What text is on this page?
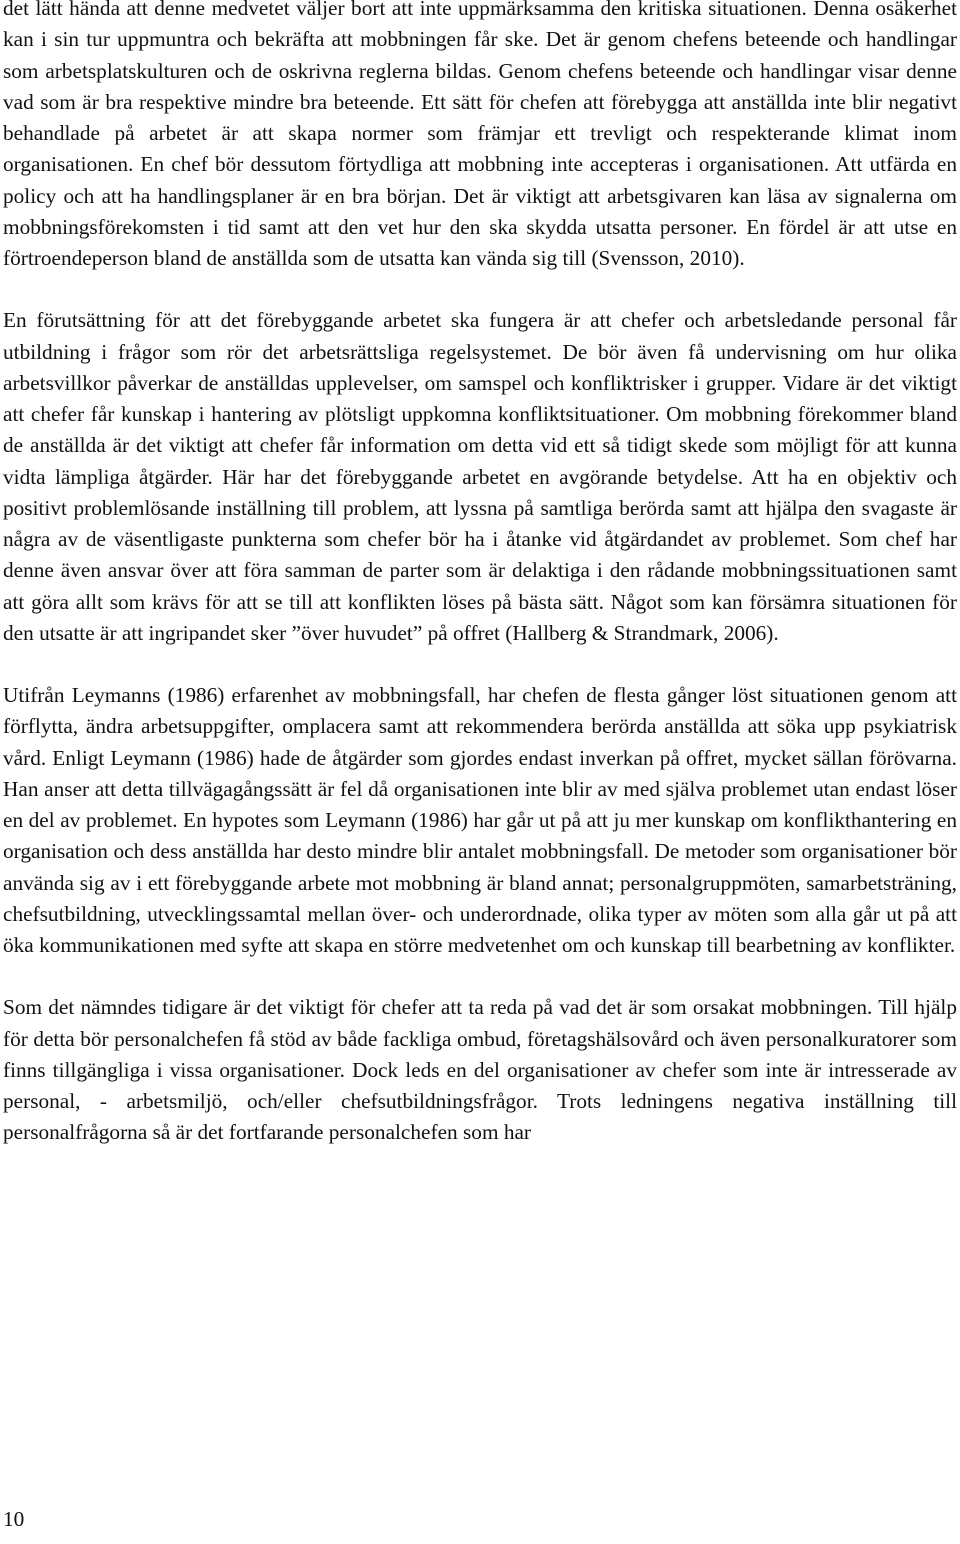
det lätt hända att denne medvetet väljer bort att inte uppmärksamma den kritiska situationen. Denna osäkerhet kan i sin tur uppmuntra och bekräfta att mobbningen får ske. Det är genom chefens beteende och handlingar som arbetsplatskulturen och de oskrivna reglerna bildas. Genom chefens beteende och handlingar visar denne vad som är bra respektive mindre bra beteende. Ett sätt för chefen att förebygga att anställda inte blir negativt behandlade på arbetet är att skapa normer som främjar ett trevligt och respekterande klimat inom organisationen. En chef bör dessutom förtydliga att mobbning inte accepteras i organisationen. Att utfärda en policy och att ha handlingsplaner är en bra början. Det är viktigt att arbetsgivaren kan läsa av signalerna om mobbningsförekomsten i tid samt att den vet hur den ska skydda utsatta personer. En fördel är att utse en förtroendeperson bland de anställda som de utsatta kan vända sig till (Svensson, 2010).

En förutsättning för att det förebyggande arbetet ska fungera är att chefer och arbetsledande personal får utbildning i frågor som rör det arbetsrättsliga regelsystemet. De bör även få undervisning om hur olika arbetsvillkor påverkar de anställdas upplevelser, om samspel och konfliktrisker i grupper. Vidare är det viktigt att chefer får kunskap i hantering av plötsligt uppkomna konfliktsituationer. Om mobbning förekommer bland de anställda är det viktigt att chefer får information om detta vid ett så tidigt skede som möjligt för att kunna vidta lämpliga åtgärder. Här har det förebyggande arbetet en avgörande betydelse. Att ha en objektiv och positivt problemlösande inställning till problem, att lyssna på samtliga berörda samt att hjälpa den svagaste är några av de väsentligaste punkterna som chefer bör ha i åtanke vid åtgärdandet av problemet. Som chef har denne även ansvar över att föra samman de parter som är delaktiga i den rådande mobbningssituationen samt att göra allt som krävs för att se till att konflikten löses på bästa sätt. Något som kan försämra situationen för den utsatte är att ingripandet sker ”över huvudet” på offret (Hallberg & Strandmark, 2006).

Utifrån Leymanns (1986) erfarenhet av mobbningsfall, har chefen de flesta gånger löst situationen genom att förflytta, ändra arbetsuppgifter, omplacera samt att rekommendera berörda anställda att söka upp psykiatrisk vård. Enligt Leymann (1986) hade de åtgärder som gjordes endast inverkan på offret, mycket sällan förövarna. Han anser att detta tillvägagångssätt är fel då organisationen inte blir av med själva problemet utan endast löser en del av problemet. En hypotes som Leymann (1986) har går ut på att ju mer kunskap om konflikthantering en organisation och dess anställda har desto mindre blir antalet mobbningsfall. De metoder som organisationer bör använda sig av i ett förebyggande arbete mot mobbning är bland annat; personalgruppmöten, samarbetsträning, chefsutbildning, utvecklingssamtal mellan över- och underordnade, olika typer av möten som alla går ut på att öka kommunikationen med syfte att skapa en större medvetenhet om och kunskap till bearbetning av konflikter.

Som det nämndes tidigare är det viktigt för chefer att ta reda på vad det är som orsakat mobbningen. Till hjälp för detta bör personalchefen få stöd av både fackliga ombud, företagshälsovård och även personalkuratorer som finns tillgängliga i vissa organisationer. Dock leds en del organisationer av chefer som inte är intresserade av personal, - arbetsmiljö, och/eller chefsutbildningsfrågor. Trots ledningens negativa inställning till personalfrågorna så är det fortfarande personalchefen som har

10
